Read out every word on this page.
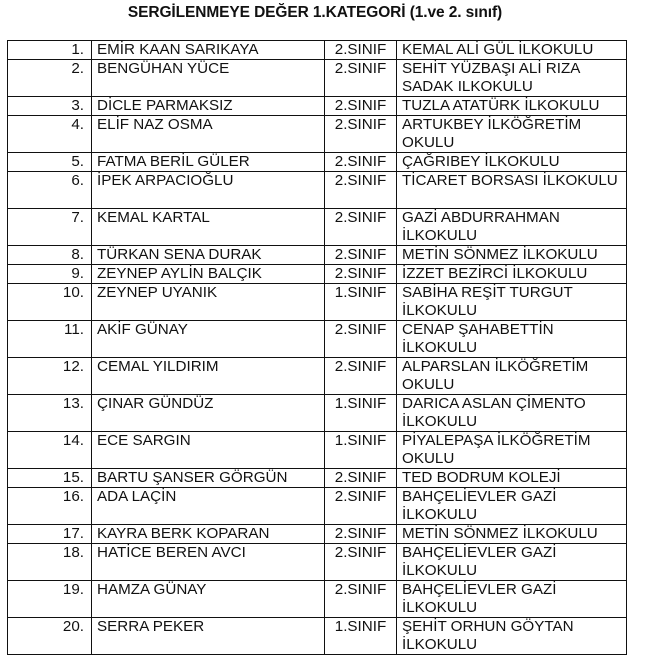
SERGİLENMEYE DEĞER 1.KATEGORİ (1.ve 2. sınıf)
1.	EMİR KAAN SARIKAYA	2.SINIF	KEMAL ALİ GÜL İLKOKULU
2.	BENGÜHAN YÜCE	2.SINIF	SEHİT YÜZBAŞI ALİ RIZA SADAK ILKOKULU
3.	DİCLE PARMAKSIZ	2.SINIF	TUZLA ATATÜRK İLKOKULU
4.	ELİF NAZ OSMA	2.SINIF	ARTUKBEY İLKÖĞRETİM OKULU
5.	FATMA BERİL GÜLER	2.SINIF	ÇAĞRIBEY İLKOKULU
6.	İPEK ARPACIOĞLU	2.SINIF	TİCARET BORSASI İLKOKULU
7.	KEMAL KARTAL	2.SINIF	GAZİ ABDURRAHMAN İLKOKULU
8.	TÜRKAN SENA DURAK	2.SINIF	METİN SÖNMEZ İLKOKULU
9.	ZEYNEP AYLİN BALÇIK	2.SINIF	İZZET BEZİRCİ İLKOKULU
10.	ZEYNEP UYANIK	1.SINIF	SABİHA REŞİT TURGUT İLKOKULU
11.	AKİF GÜNAY	2.SINIF	CENAP ŞAHABETTİN İLKOKULU
12.	CEMAL YILDIRIM	2.SINIF	ALPARSLAN İLKÖĞRETİM OKULU
13.	ÇINAR GÜNDÜZ	1.SINIF	DARICA ASLAN ÇİMENTO İLKOKULU
14.	ECE SARGIN	1.SINIF	PİYALEPAŞA İLKÖĞRETİM OKULU
15.	BARTU ŞANSER GÖRGÜN	2.SINIF	TED BODRUM KOLEJİ
16.	ADA LAÇİN	2.SINIF	BAHÇELİEVLER GAZİ İLKOKULU
17.	KAYRA BERK KOPARAN	2.SINIF	METİN SÖNMEZ İLKOKULU
18.	HATİCE BEREN AVCI	2.SINIF	BAHÇELİEVLER GAZİ İLKOKULU
19.	HAMZA GÜNAY	2.SINIF	BAHÇELİEVLER GAZİ İLKOKULU
20.	SERRA PEKER	1.SINIF	ŞEHİT ORHUN GÖYTAN İLKOKULU
